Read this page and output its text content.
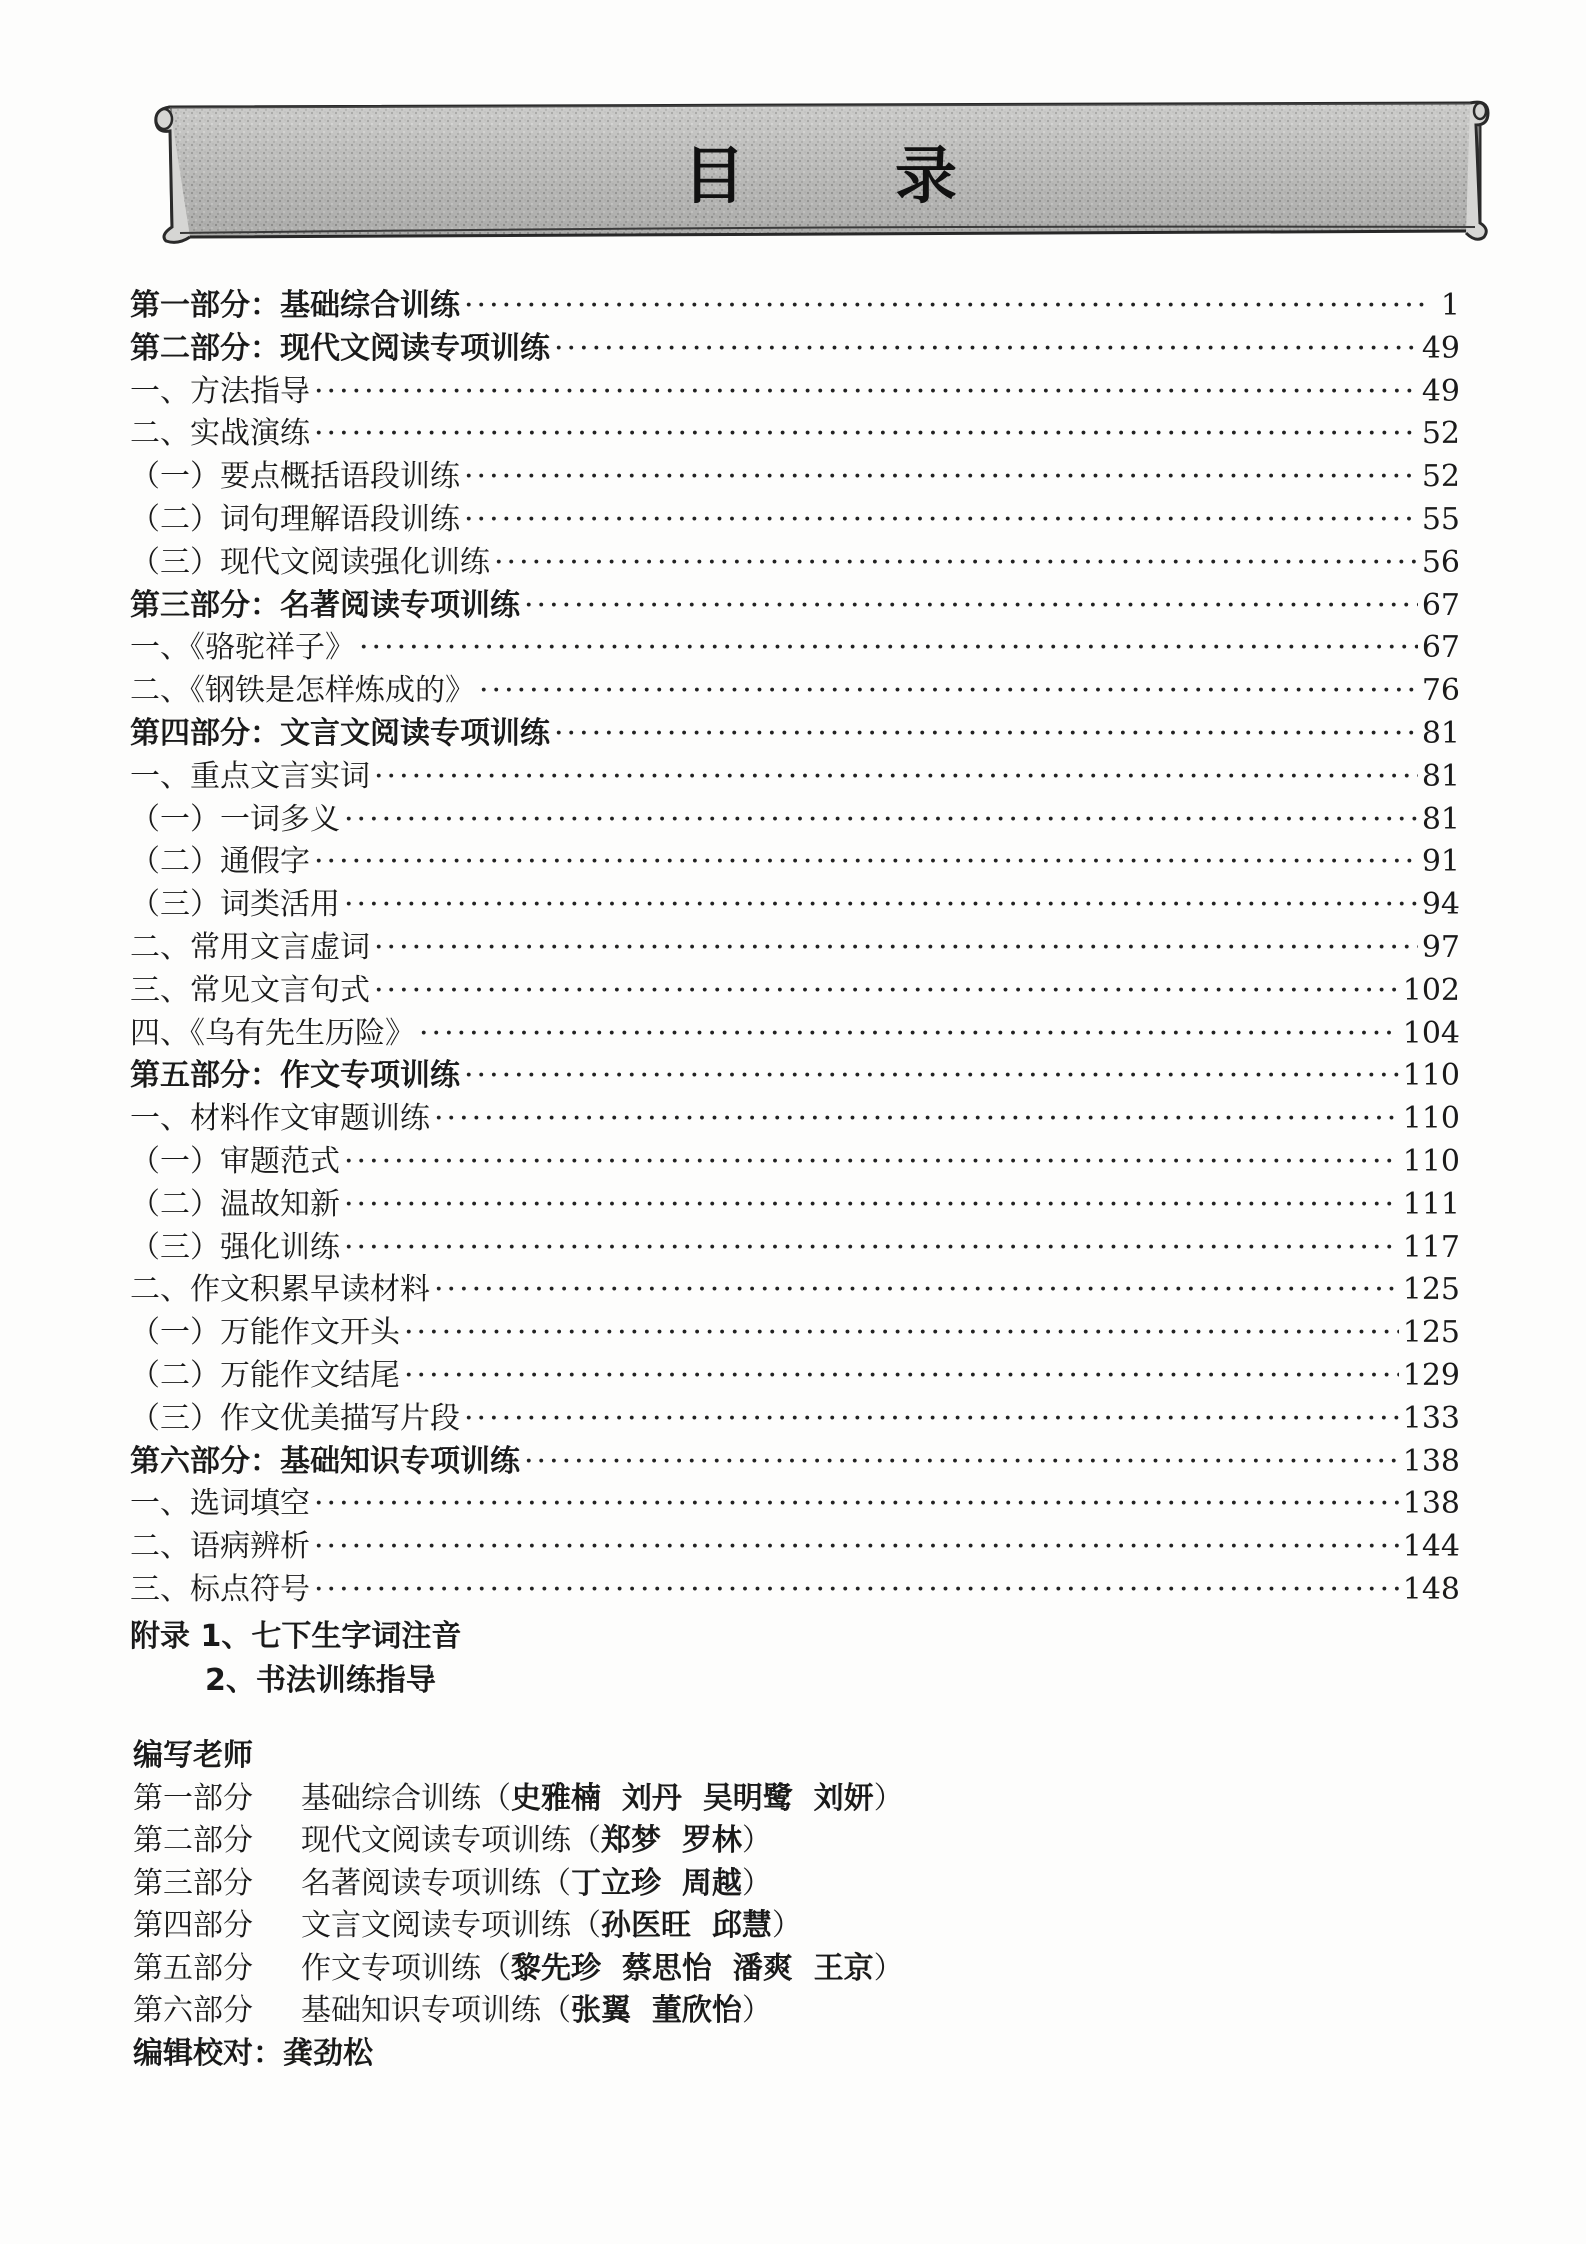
目 录
第一部分：基础综合训练 ·····	1
第二部分：现代文阅读专项训练 ·····	49
一、方法指导 ·····	49
二、实战演练 ·····	52
（一）要点概括语段训练 ·····	52
（二）词句理解语段训练 ·····	55
（三）现代文阅读强化训练 ·····	56
第三部分：名著阅读专项训练 ·····	67
一、《骆驼祥子》 ·····	67
二、《钢铁是怎样炼成的》 ·····	76
第四部分：文言文阅读专项训练 ·····	81
一、重点文言实词 ·····	81
（一）一词多义 ·····	81
（二）通假字 ·····	91
（三）词类活用 ·····	94
二、常用文言虚词 ·····	97
三、常见文言句式 ·····	102
四、《乌有先生历险》 ·····	104
第五部分：作文专项训练 ·····	110
一、材料作文审题训练 ·····	110
（一）审题范式 ·····	110
（二）温故知新 ·····	111
（三）强化训练 ·····	117
二、作文积累早读材料 ·····	125
（一）万能作文开头 ·····	125
（二）万能作文结尾 ·····	129
（三）作文优美描写片段 ·····	133
第六部分：基础知识专项训练 ·····	138
一、选词填空 ·····	138
二、语病辨析 ·····	144
三、标点符号 ·····	148
附录 1、七下生字词注音
2、书法训练指导
编写老师
第一部分	基础综合训练（ 史雅楠  刘丹  吴明鹭  刘妍 ）
第二部分	现代文阅读专项训练（ 郑梦  罗林 ）
第三部分	名著阅读专项训练（ 丁立珍  周越 ）
第四部分	文言文阅读专项训练（ 孙医旺  邱慧 ）
第五部分	作文专项训练（ 黎先珍  蔡思怡  潘爽  王京 ）
第六部分	基础知识专项训练（ 张翼  董欣怡 ）
编辑校对：龚劲松
